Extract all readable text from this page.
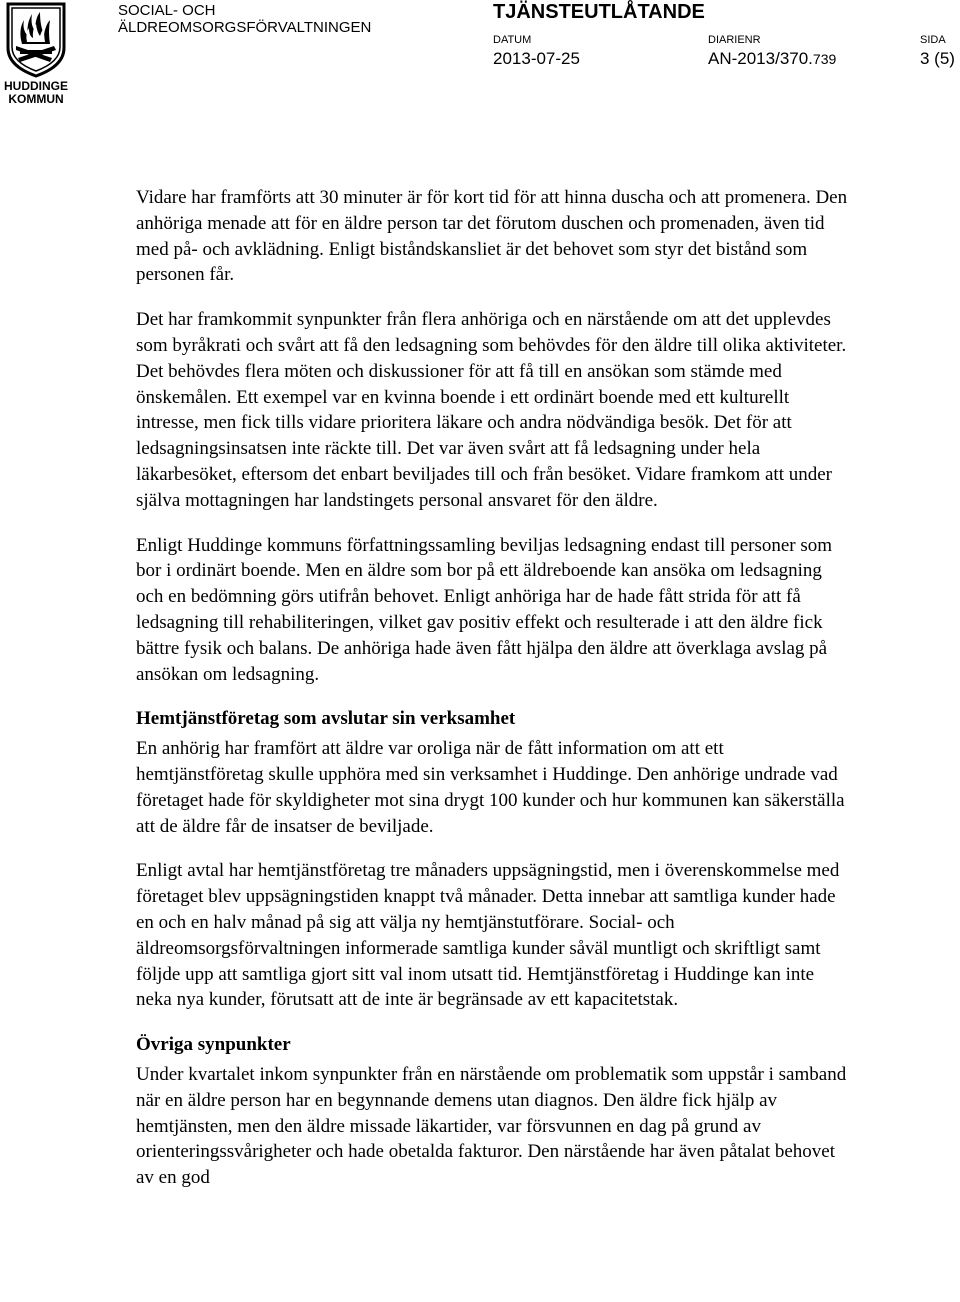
HUDDINGE
KOMMUN
SOCIAL- OCH
ÄLDREOMSORGSFÖRVALTNINGEN
TJÄNSTEUTLÅTANDE
DATUM
2013-07-25
DIARIENR
AN-2013/370.739
SIDA
3 (5)

Vidare har framförts att 30 minuter är för kort tid för att hinna duscha och att promenera. Den anhöriga menade att för en äldre person tar det förutom duschen och promenaden, även tid med på- och avklädning. Enligt biståndskansliet är det behovet som styr det bistånd som personen får.

Det har framkommit synpunkter från flera anhöriga och en närstående om att det upplevdes som byråkrati och svårt att få den ledsagning som behövdes för den äldre till olika aktiviteter. Det behövdes flera möten och diskussioner för att få till en ansökan som stämde med önskemålen. Ett exempel var en kvinna boende i ett ordinärt boende med ett kulturellt intresse, men fick tills vidare prioritera läkare och andra nödvändiga besök. Det för att ledsagningsinsatsen inte räckte till. Det var även svårt att få ledsagning under hela läkarbesöket, eftersom det enbart beviljades till och från besöket. Vidare framkom att under själva mottagningen har landstingets personal ansvaret för den äldre.

Enligt Huddinge kommuns författningssamling beviljas ledsagning endast till personer som bor i ordinärt boende. Men en äldre som bor på ett äldreboende kan ansöka om ledsagning och en bedömning görs utifrån behovet. Enligt anhöriga har de hade fått strida för att få ledsagning till rehabiliteringen, vilket gav positiv effekt och resulterade i att den äldre fick bättre fysik och balans. De anhöriga hade även fått hjälpa den äldre att överklaga avslag på ansökan om ledsagning.

Hemtjänstföretag som avslutar sin verksamhet

En anhörig har framfört att äldre var oroliga när de fått information om att ett hemtjänstföretag skulle upphöra med sin verksamhet i Huddinge. Den anhörige undrade vad företaget hade för skyldigheter mot sina drygt 100 kunder och hur kommunen kan säkerställa att de äldre får de insatser de beviljade.

Enligt avtal har hemtjänstföretag tre månaders uppsägningstid, men i överenskommelse med företaget blev uppsägningstiden knappt två månader. Detta innebar att samtliga kunder hade en och en halv månad på sig att välja ny hemtjänstutförare. Social- och äldreomsorgsförvaltningen informerade samtliga kunder såväl muntligt och skriftligt samt följde upp att samtliga gjort sitt val inom utsatt tid. Hemtjänstföretag i Huddinge kan inte neka nya kunder, förutsatt att de inte är begränsade av ett kapacitetstak.

Övriga synpunkter

Under kvartalet inkom synpunkter från en närstående om problematik som uppstår i samband när en äldre person har en begynnande demens utan diagnos. Den äldre fick hjälp av hemtjänsten, men den äldre missade läkartider, var försvunnen en dag på grund av orienteringssvårigheter och hade obetalda fakturor. Den närstående har även påtalat behovet av en god
